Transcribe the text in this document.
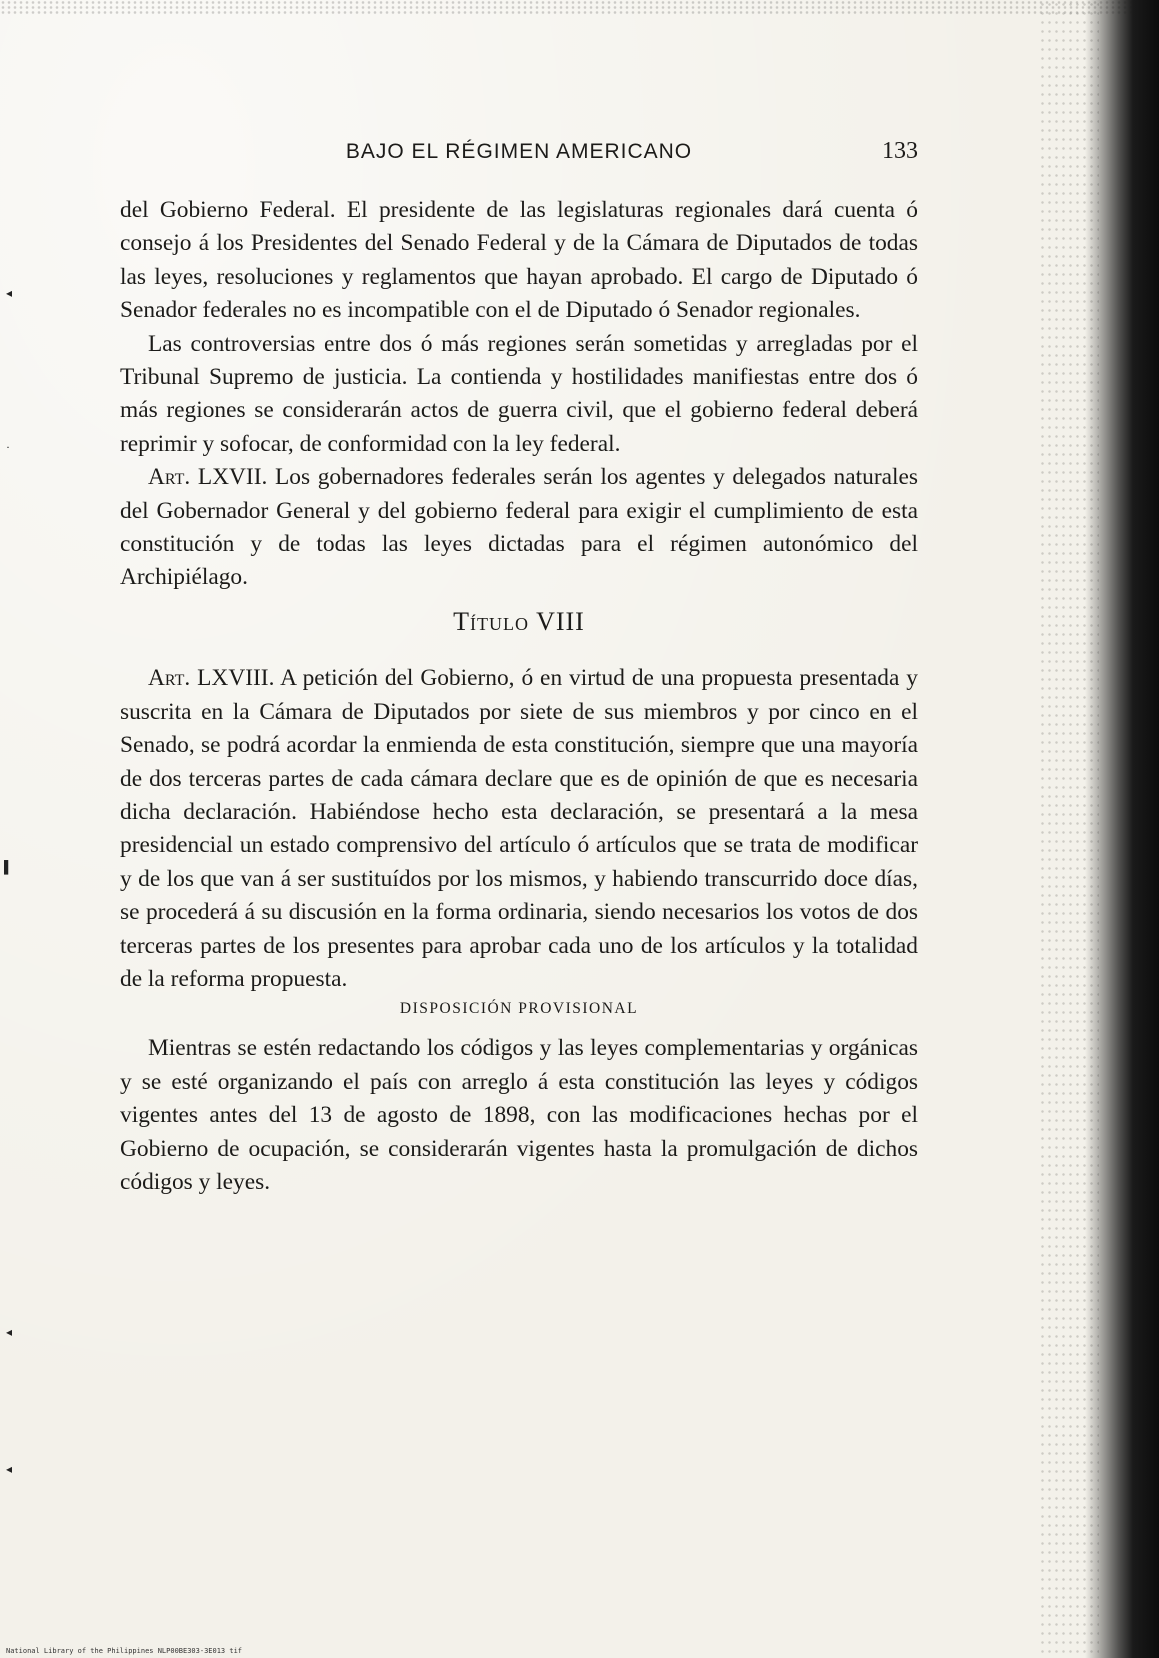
◂
·
▌
◂
◂
BAJO EL RÉGIMEN AMERICANO	133

del Gobierno Federal. El presidente de las legislaturas regionales dará cuenta ó consejo á los Presidentes del Senado Federal y de la Cámara de Diputados de todas las leyes, resoluciones y reglamentos que hayan aprobado. El cargo de Diputado ó Senador federales no es incompatible con el de Diputado ó Senador regionales.

Las controversias entre dos ó más regiones serán sometidas y arregladas por el Tribunal Supremo de justicia. La contienda y hostilidades manifiestas entre dos ó más regiones se considerarán actos de guerra civil, que el gobierno federal deberá reprimir y sofocar, de conformidad con la ley federal.

Art. LXVII. Los gobernadores federales serán los agentes y delegados naturales del Gobernador General y del gobierno federal para exigir el cumplimiento de esta constitución y de todas las leyes dictadas para el régimen autonómico del Archipiélago.

Título VIII

Art. LXVIII. A petición del Gobierno, ó en virtud de una propuesta presentada y suscrita en la Cámara de Diputados por siete de sus miembros y por cinco en el Senado, se podrá acordar la enmienda de esta constitución, siempre que una mayoría de dos terceras partes de cada cámara declare que es de opinión de que es necesaria dicha declaración. Habiéndose hecho esta declaración, se presentará a la mesa presidencial un estado comprensivo del artículo ó artículos que se trata de modificar y de los que van á ser sustituídos por los mismos, y habiendo transcurrido doce días, se procederá á su discusión en la forma ordinaria, siendo necesarios los votos de dos terceras partes de los presentes para aprobar cada uno de los artículos y la totalidad de la reforma propuesta.

DISPOSICIÓN PROVISIONAL

Mientras se estén redactando los códigos y las leyes complementarias y orgánicas y se esté organizando el país con arreglo á esta constitución las leyes y códigos vigentes antes del 13 de agosto de 1898, con las modificaciones hechas por el Gobierno de ocupación, se considerarán vigentes hasta la promulgación de dichos códigos y leyes.

National Library of the Philippines NLP00BE303-3E013 tif
